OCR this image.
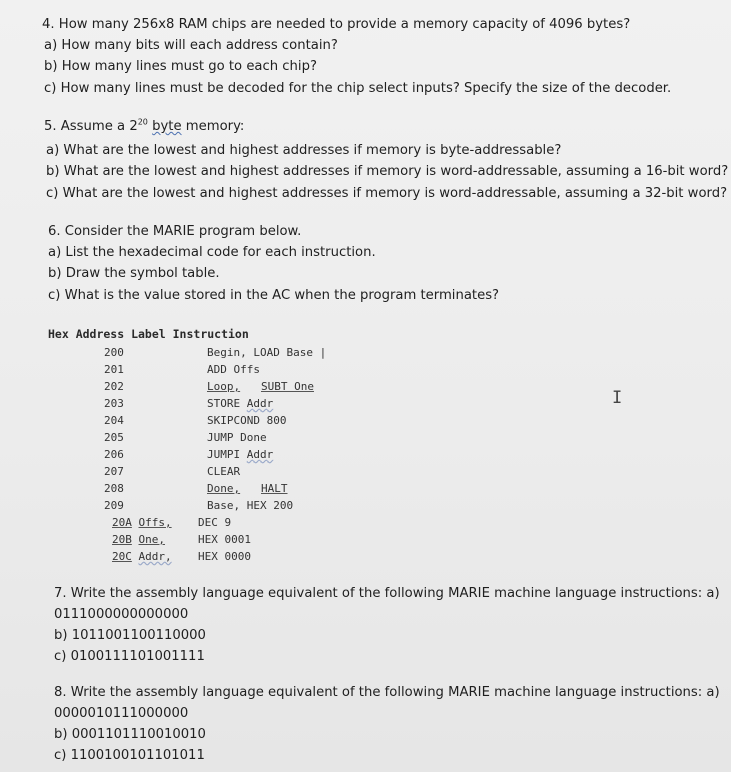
4. How many 256x8 RAM chips are needed to provide a memory capacity of 4096 bytes?
a) How many bits will each address contain?
b) How many lines must go to each chip?
c) How many lines must be decoded for the chip select inputs? Specify the size of the decoder.
5. Assume a $2^{20}$ byte memory:
a) What are the lowest and highest addresses if memory is byte-addressable?
b) What are the lowest and highest addresses if memory is word-addressable, assuming a 16-bit word?
c) What are the lowest and highest addresses if memory is word-addressable, assuming a 32-bit word?
6. Consider the MARIE program below.
a) List the hexadecimal code for each instruction.
b) Draw the symbol table.
c) What is the value stored in the AC when the program terminates?
Hex Address Label Instruction
200	Begin, LOAD Base |
201	ADD Offs
202	Loop, SUBT One
203	STORE Addr
204	SKIPCOND 800
205	JUMP Done
206	JUMPI Addr
207	CLEAR
208	Done, HALT
209	Base, HEX 200
20A Offs, DEC 9
20B One,	HEX 0001
20C Addr, HEX 0000
I
7. Write the assembly language equivalent of the following MARIE machine language instructions: a)
0111000000000000
b) 1011001100110000
c) 0100111101001111
8. Write the assembly language equivalent of the following MARIE machine language instructions: a)
0000010111000000
b) 0001101110010010
c) 1100100101101011
